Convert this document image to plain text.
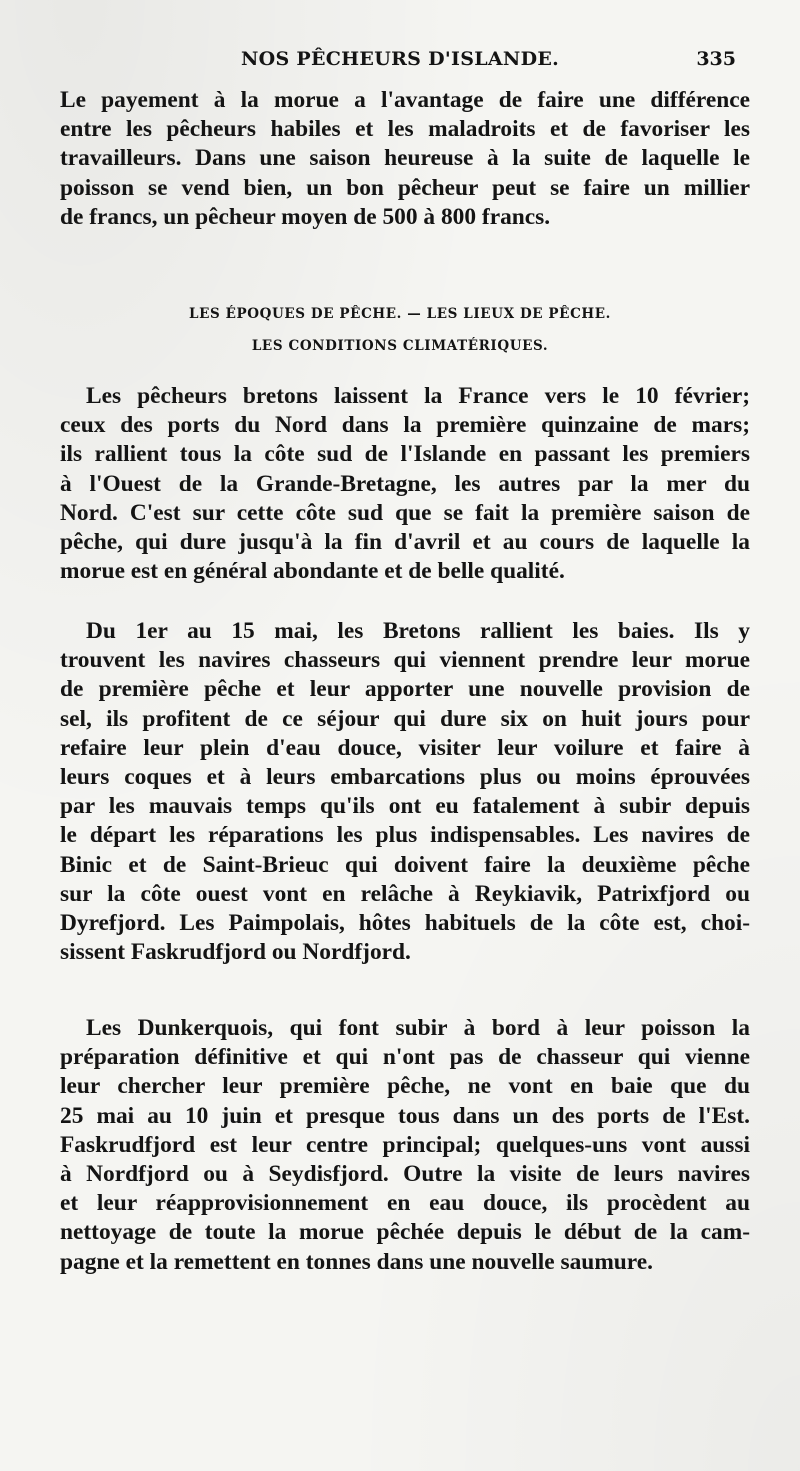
NOS PÊCHEURS D'ISLANDE.	335
Le payement à la morue a l'avantage de faire une différence
entre les pêcheurs habiles et les maladroits et de favoriser les
travailleurs. Dans une saison heureuse à la suite de laquelle le
poisson se vend bien, un bon pêcheur peut se faire un millier
de francs, un pêcheur moyen de 500 à 800 francs.
LES ÉPOQUES DE PÊCHE. — LES LIEUX DE PÊCHE.
LES CONDITIONS CLIMATÉRIQUES.
Les pêcheurs bretons laissent la France vers le 10 février;
ceux des ports du Nord dans la première quinzaine de mars;
ils rallient tous la côte sud de l'Islande en passant les premiers
à l'Ouest de la Grande-Bretagne, les autres par la mer du
Nord. C'est sur cette côte sud que se fait la première saison de
pêche, qui dure jusqu'à la fin d'avril et au cours de laquelle la
morue est en général abondante et de belle qualité.
Du 1er au 15 mai, les Bretons rallient les baies. Ils y
trouvent les navires chasseurs qui viennent prendre leur morue
de première pêche et leur apporter une nouvelle provision de
sel, ils profitent de ce séjour qui dure six on huit jours pour
refaire leur plein d'eau douce, visiter leur voilure et faire à
leurs coques et à leurs embarcations plus ou moins éprouvées
par les mauvais temps qu'ils ont eu fatalement à subir depuis
le départ les réparations les plus indispensables. Les navires de
Binic et de Saint-Brieuc qui doivent faire la deuxième pêche
sur la côte ouest vont en relâche à Reykiavik, Patrixfjord ou
Dyrefjord. Les Paimpolais, hôtes habituels de la côte est, choi-
sissent Faskrudfjord ou Nordfjord.
Les Dunkerquois, qui font subir à bord à leur poisson la
préparation définitive et qui n'ont pas de chasseur qui vienne
leur chercher leur première pêche, ne vont en baie que du
25 mai au 10 juin et presque tous dans un des ports de l'Est.
Faskrudfjord est leur centre principal; quelques-uns vont aussi
à Nordfjord ou à Seydisfjord. Outre la visite de leurs navires
et leur réapprovisionnement en eau douce, ils procèdent au
nettoyage de toute la morue pêchée depuis le début de la cam-
pagne et la remettent en tonnes dans une nouvelle saumure.
